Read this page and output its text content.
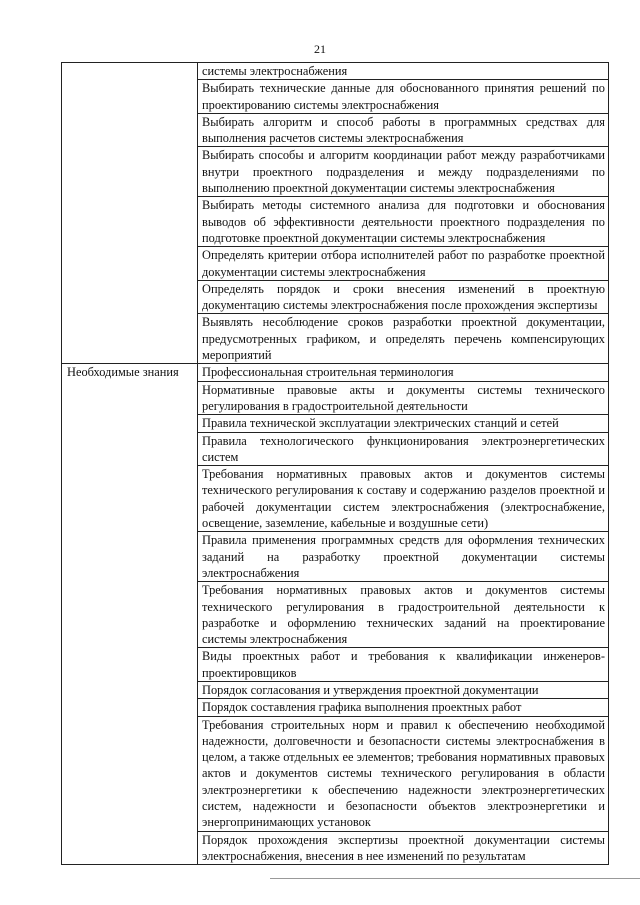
21
	системы электроснабжения
	Выбирать технические данные для обоснованного принятия решений по проектированию системы электроснабжения
	Выбирать алгоритм и способ работы в программных средствах для выполнения расчетов системы электроснабжения
	Выбирать способы и алгоритм координации работ между разработчиками внутри проектного подразделения и между подразделениями по выполнению проектной документации системы электроснабжения
	Выбирать методы системного анализа для подготовки и обоснования выводов об эффективности деятельности проектного подразделения по подготовке проектной документации системы электроснабжения
	Определять критерии отбора исполнителей работ по разработке проектной документации системы электроснабжения
	Определять порядок и сроки внесения изменений в проектную документацию системы электроснабжения после прохождения экспертизы
	Выявлять несоблюдение сроков разработки проектной документации, предусмотренных графиком, и определять перечень компенсирующих мероприятий
Необходимые знания	Профессиональная строительная терминология
	Нормативные правовые акты и документы системы технического регулирования в градостроительной деятельности
	Правила технической эксплуатации электрических станций и сетей
	Правила технологического функционирования электроэнергетических систем
	Требования нормативных правовых актов и документов системы технического регулирования к составу и содержанию разделов проектной и рабочей документации систем электроснабжения (электроснабжение, освещение, заземление, кабельные и воздушные сети)
	Правила применения программных средств для оформления технических заданий на разработку проектной документации системы электроснабжения
	Требования нормативных правовых актов и документов системы технического регулирования в градостроительной деятельности к разработке и оформлению технических заданий на проектирование системы электроснабжения
	Виды проектных работ и требования к квалификации инженеров-проектировщиков
	Порядок согласования и утверждения проектной документации
	Порядок составления графика выполнения проектных работ
	Требования строительных норм и правил к обеспечению необходимой надежности, долговечности и безопасности системы электроснабжения в целом, а также отдельных ее элементов; требования нормативных правовых актов и документов системы технического регулирования в области электроэнергетики к обеспечению надежности электроэнергетических систем, надежности и безопасности объектов электроэнергетики и энергопринимающих установок
	Порядок прохождения экспертизы проектной документации системы электроснабжения, внесения в нее изменений по результатам
